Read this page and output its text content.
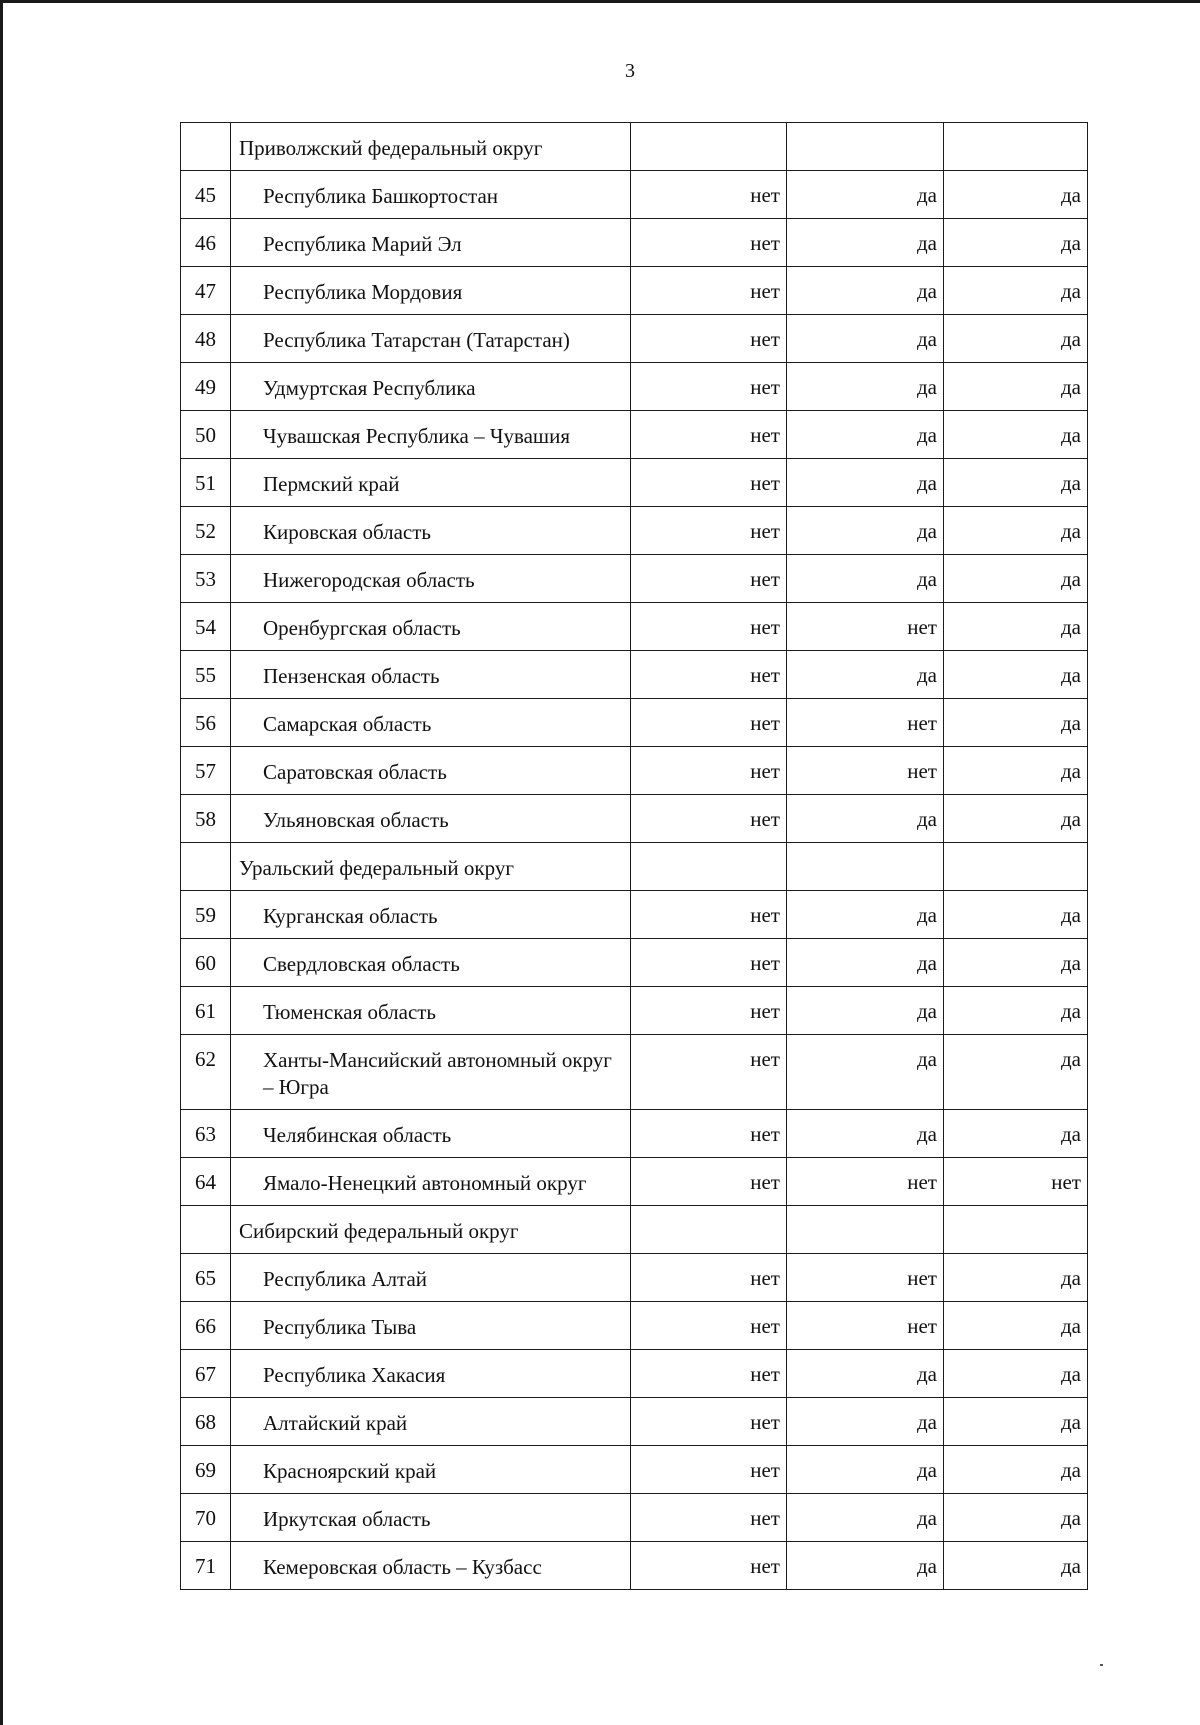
3
	Приволжский федеральный округ			
45	Республика Башкортостан	нет	да	да
46	Республика Марий Эл	нет	да	да
47	Республика Мордовия	нет	да	да
48	Республика Татарстан (Татарстан)	нет	да	да
49	Удмуртская Республика	нет	да	да
50	Чувашская Республика – Чувашия	нет	да	да
51	Пермский край	нет	да	да
52	Кировская область	нет	да	да
53	Нижегородская область	нет	да	да
54	Оренбургская область	нет	нет	да
55	Пензенская область	нет	да	да
56	Самарская область	нет	нет	да
57	Саратовская область	нет	нет	да
58	Ульяновская область	нет	да	да
	Уральский федеральный округ			
59	Курганская область	нет	да	да
60	Свердловская область	нет	да	да
61	Тюменская область	нет	да	да
62	Ханты-Мансийский автономный округ – Югра	нет	да	да
63	Челябинская область	нет	да	да
64	Ямало-Ненецкий автономный округ	нет	нет	нет
	Сибирский федеральный округ			
65	Республика Алтай	нет	нет	да
66	Республика Тыва	нет	нет	да
67	Республика Хакасия	нет	да	да
68	Алтайский край	нет	да	да
69	Красноярский край	нет	да	да
70	Иркутская область	нет	да	да
71	Кемеровская область – Кузбасс	нет	да	да
